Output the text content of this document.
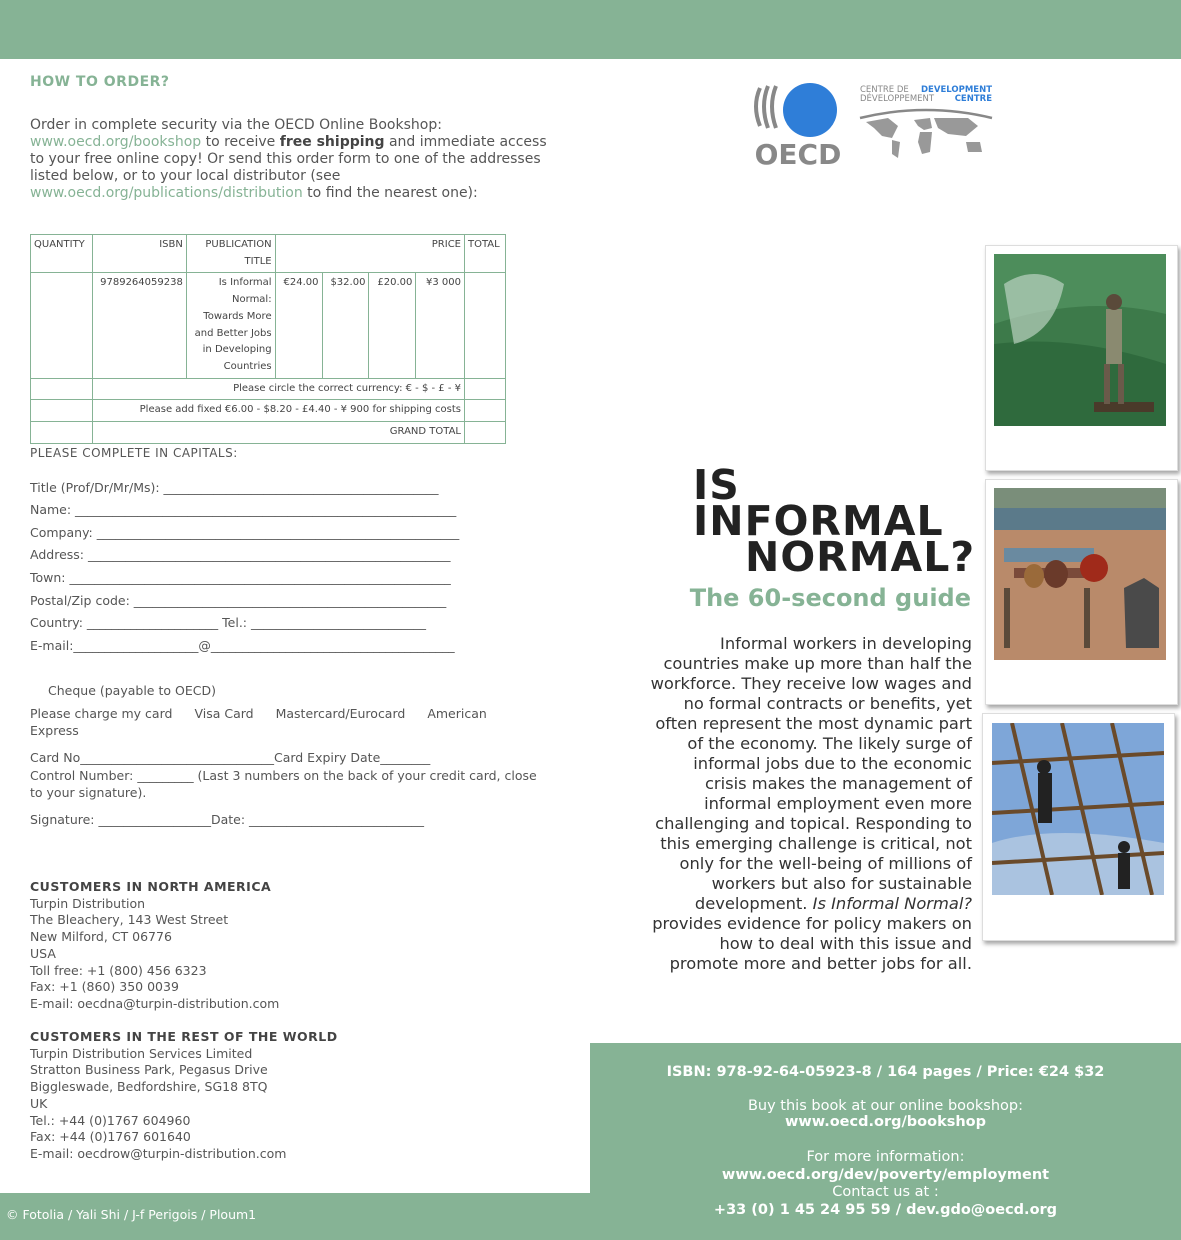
HOW TO ORDER?
Order in complete security via the OECD Online Bookshop: www.oecd.org/bookshop to receive free shipping and immediate access to your free online copy! Or send this order form to one of the addresses listed below, or to your local distributor (see www.oecd.org/publications/distribution to find the nearest one):
QUANTITY	ISBN	PUBLICATION TITLE	PRICE				TOTAL
	9789264059238	Is Informal Normal: Towards More and Better Jobs in Developing Countries	€24.00	$32.00	£20.00	¥3 000	
	Please circle the correct currency: € - $ - £ - ¥						
	Please add fixed €6.00 - $8.20 - £4.40 - ¥ 900 for shipping costs						
	GRAND TOTAL						
PLEASE COMPLETE IN CAPITALS:
Title (Prof/Dr/Mr/Ms): ____________________________________________
Name: _____________________________________________________________
Company: __________________________________________________________
Address: __________________________________________________________
Town: _____________________________________________________________
Postal/Zip code: __________________________________________________
Country: _____________________ Tel.: ____________________________
E-mail:____________________@_______________________________________
Cheque (payable to OECD)
Please charge my card Visa Card Mastercard/Eurocard American Express
Card No_______________________________Card Expiry Date________
Control Number: _________ (Last 3 numbers on the back of your credit card, close to your signature).
Signature: __________________Date: ____________________________
CUSTOMERS IN NORTH AMERICA
Turpin Distribution
The Bleachery, 143 West Street
New Milford, CT 06776
USA
Toll free: +1 (800) 456 6323
Fax: +1 (860) 350 0039
E-mail: oecdna@turpin-distribution.com
CUSTOMERS IN THE REST OF THE WORLD
Turpin Distribution Services Limited
Stratton Business Park, Pegasus Drive
Biggleswade, Bedfordshire, SG18 8TQ
UK
Tel.: +44 (0)1767 604960
Fax: +44 (0)1767 601640
E-mail: oecdrow@turpin-distribution.com
© Fotolia / Yali Shi / J-f Perigois / Ploum1
OECD
CENTRE DE
DÉVELOPPEMENT
DEVELOPMENT
CENTRE
IS
INFORMAL
NORMAL?
The 60-second guide
Informal workers in developing countries make up more than half the workforce. They receive low wages and no formal contracts or benefits, yet often represent the most dynamic part of the economy. The likely surge of informal jobs due to the economic crisis makes the management of informal employment even more challenging and topical. Responding to this emerging challenge is critical, not only for the well-being of millions of workers but also for sustainable development. Is Informal Normal? provides evidence for policy makers on how to deal with this issue and promote more and better jobs for all.
ISBN: 978-92-64-05923-8 / 164 pages / Price: €24 $32
Buy this book at our online bookshop:
www.oecd.org/bookshop
For more information:
www.oecd.org/dev/poverty/employment
Contact us at :
+33 (0) 1 45 24 95 59 / dev.gdo@oecd.org
